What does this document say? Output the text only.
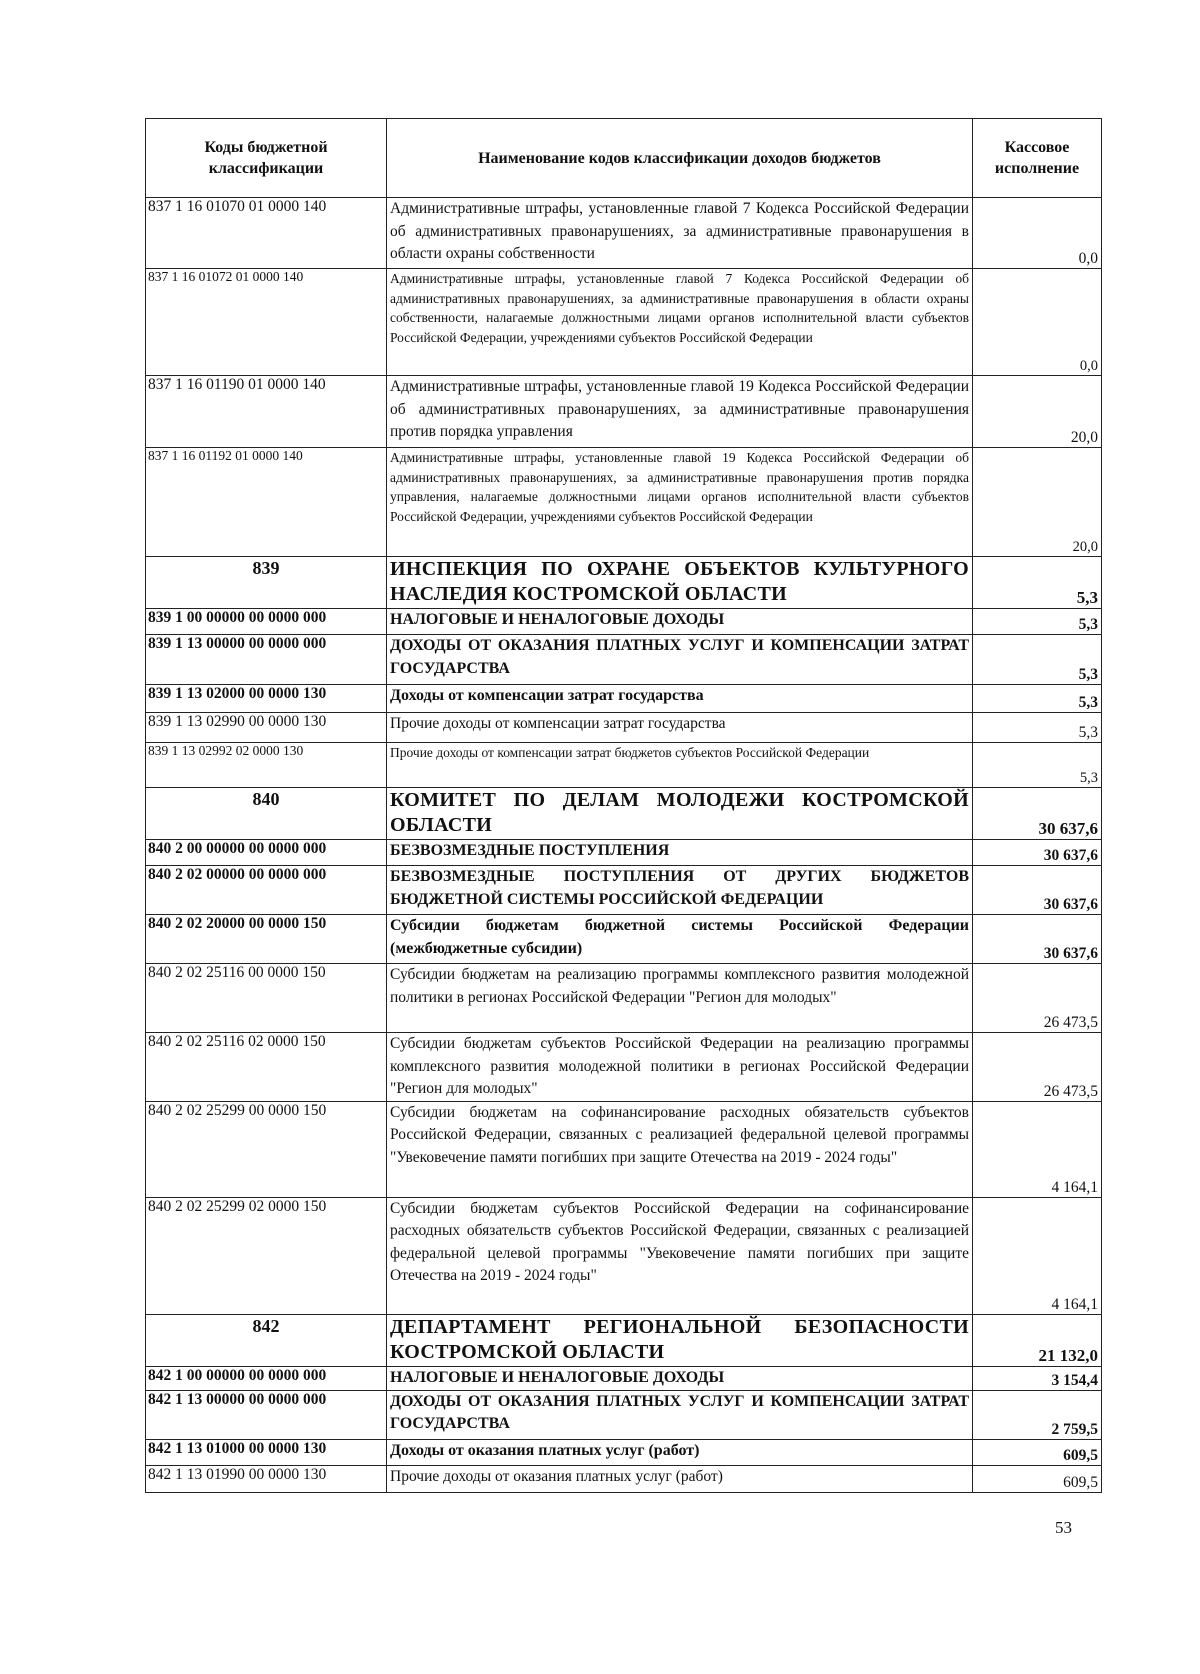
Коды бюджетной классификации	Наименование кодов классификации доходов бюджетов	Кассовое исполнение
837 1 16 01070 01 0000 140	Административные штрафы, установленные главой 7 Кодекса Российской Федерации об административных правонарушениях, за административные правонарушения в области охраны собственности	0,0
837 1 16 01072 01 0000 140	Административные штрафы, установленные главой 7 Кодекса Российской Федерации об административных правонарушениях, за административные правонарушения в области охраны собственности, налагаемые должностными лицами органов исполнительной власти субъектов Российской Федерации, учреждениями субъектов Российской Федерации	0,0
837 1 16 01190 01 0000 140	Административные штрафы, установленные главой 19 Кодекса Российской Федерации об административных правонарушениях, за административные правонарушения против порядка управления	20,0
837 1 16 01192 01 0000 140	Административные штрафы, установленные главой 19 Кодекса Российской Федерации об административных правонарушениях, за административные правонарушения против порядка управления, налагаемые должностными лицами органов исполнительной власти субъектов Российской Федерации, учреждениями субъектов Российской Федерации	20,0
839	ИНСПЕКЦИЯ ПО ОХРАНЕ ОБЪЕКТОВ КУЛЬТУРНОГО НАСЛЕДИЯ КОСТРОМСКОЙ ОБЛАСТИ	5,3
839 1 00 00000 00 0000 000	НАЛОГОВЫЕ И НЕНАЛОГОВЫЕ ДОХОДЫ	5,3
839 1 13 00000 00 0000 000	ДОХОДЫ ОТ ОКАЗАНИЯ ПЛАТНЫХ УСЛУГ И КОМПЕНСАЦИИ ЗАТРАТ ГОСУДАРСТВА	5,3
839 1 13 02000 00 0000 130	Доходы от компенсации затрат государства	5,3
839 1 13 02990 00 0000 130	Прочие доходы от компенсации затрат государства	5,3
839 1 13 02992 02 0000 130	Прочие доходы от компенсации затрат бюджетов субъектов Российской Федерации	5,3
840	КОМИТЕТ ПО ДЕЛАМ МОЛОДЕЖИ КОСТРОМСКОЙ ОБЛАСТИ	30 637,6
840 2 00 00000 00 0000 000	БЕЗВОЗМЕЗДНЫЕ ПОСТУПЛЕНИЯ	30 637,6
840 2 02 00000 00 0000 000	БЕЗВОЗМЕЗДНЫЕ ПОСТУПЛЕНИЯ ОТ ДРУГИХ БЮДЖЕТОВ БЮДЖЕТНОЙ СИСТЕМЫ РОССИЙСКОЙ ФЕДЕРАЦИИ	30 637,6
840 2 02 20000 00 0000 150	Субсидии бюджетам бюджетной системы Российской Федерации (межбюджетные субсидии)	30 637,6
840 2 02 25116 00 0000 150	Субсидии бюджетам на реализацию программы комплексного развития молодежной политики в регионах Российской Федерации "Регион для молодых"	26 473,5
840 2 02 25116 02 0000 150	Субсидии бюджетам субъектов Российской Федерации на реализацию программы комплексного развития молодежной политики в регионах Российской Федерации "Регион для молодых"	26 473,5
840 2 02 25299 00 0000 150	Субсидии бюджетам на софинансирование расходных обязательств субъектов Российской Федерации, связанных с реализацией федеральной целевой программы "Увековечение памяти погибших при защите Отечества на 2019 - 2024 годы"	4 164,1
840 2 02 25299 02 0000 150	Субсидии бюджетам субъектов Российской Федерации на софинансирование расходных обязательств субъектов Российской Федерации, связанных с реализацией федеральной целевой программы "Увековечение памяти погибших при защите Отечества на 2019 - 2024 годы"	4 164,1
842	ДЕПАРТАМЕНТ РЕГИОНАЛЬНОЙ БЕЗОПАСНОСТИ КОСТРОМСКОЙ ОБЛАСТИ	21 132,0
842 1 00 00000 00 0000 000	НАЛОГОВЫЕ И НЕНАЛОГОВЫЕ ДОХОДЫ	3 154,4
842 1 13 00000 00 0000 000	ДОХОДЫ ОТ ОКАЗАНИЯ ПЛАТНЫХ УСЛУГ И КОМПЕНСАЦИИ ЗАТРАТ ГОСУДАРСТВА	2 759,5
842 1 13 01000 00 0000 130	Доходы от оказания платных услуг (работ)	609,5
842 1 13 01990 00 0000 130	Прочие доходы от оказания платных услуг (работ)	609,5
53
